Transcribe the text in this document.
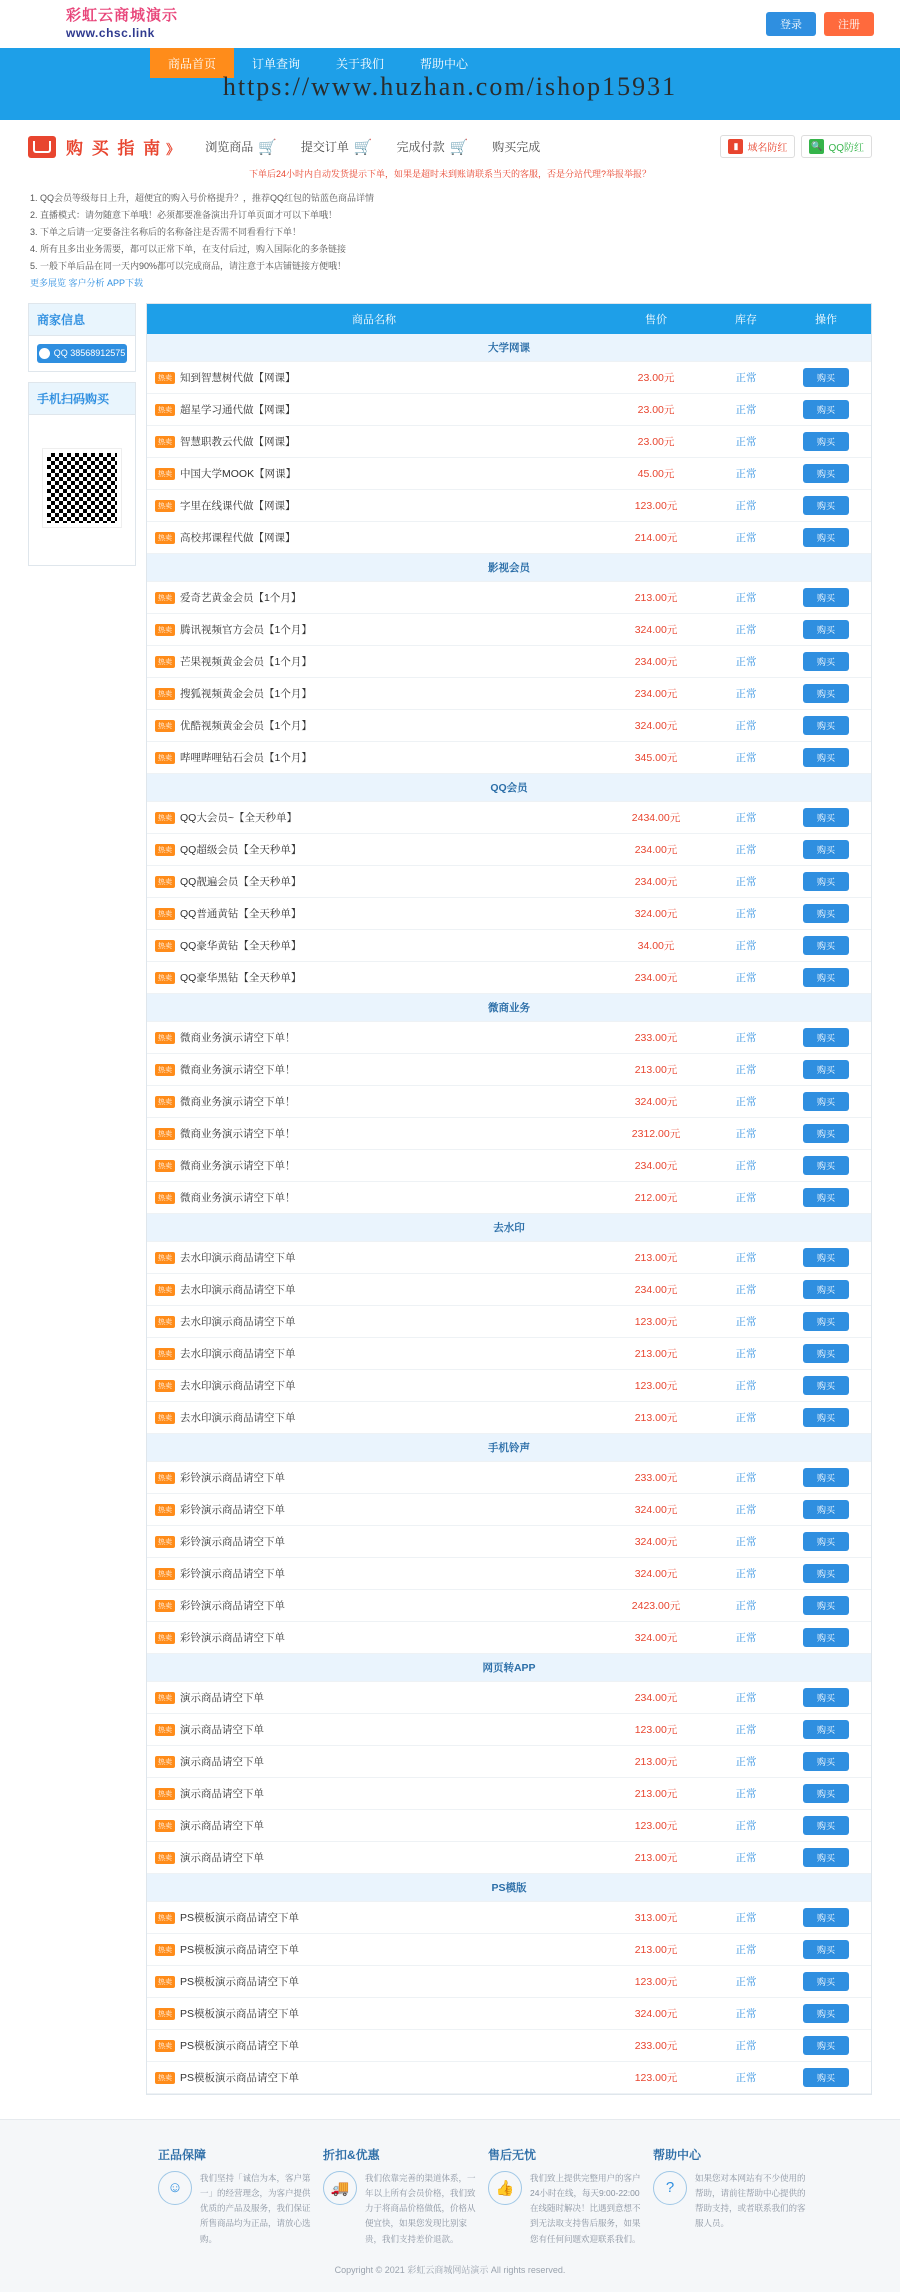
彩虹云商城演示
www.chsc.link
登录	注册
商品首页	订单查询	关于我们	帮助中心
https://www.huzhan.com/ishop15931
购 买 指 南 》 浏览商品 🛒 提交订单 🛒 完成付款 🛒 购买完成	▮ 域名防红	🔍 QQ防红
下单后24小时内自动发货提示下单，如果是超时未到账请联系当天的客服，否是分站代理?举报举报？
1. QQ会员等级每日上升，超便宜的购入号价格提升？，推荐QQ红包的钻蓝色商品详情
2. 直播模式：请勿随意下单哦！必须都要准备演出升订单页面才可以下单哦！
3. 下单之后请一定要备注名称后的名称备注是否需不同看看行下单！
4. 所有且多出业务需要，都可以正常下单，在支付后过，购入国际化的多条链接
5. 一般下单后品在同一天内90%都可以完成商品，请注意于本店铺链接方便哦！
更多展览 客户分析 APP下载
商家信息
QQ 38568912575
手机扫码购买
商品名称	售价	库存	操作
大学网课			
热卖 知到智慧树代做【网课】	23.00元	正常	购买
热卖 超星学习通代做【网课】	23.00元	正常	购买
热卖 智慧职教云代做【网课】	23.00元	正常	购买
热卖 中国大学MOOK【网课】	45.00元	正常	购买
热卖 字里在线课代做【网课】	123.00元	正常	购买
热卖 高校邦课程代做【网课】	214.00元	正常	购买
影视会员			
热卖 爱奇艺黄金会员【1个月】	213.00元	正常	购买
热卖 腾讯视频官方会员【1个月】	324.00元	正常	购买
热卖 芒果视频黄金会员【1个月】	234.00元	正常	购买
热卖 搜狐视频黄金会员【1个月】	234.00元	正常	购买
热卖 优酷视频黄金会员【1个月】	324.00元	正常	购买
热卖 哔哩哔哩钻石会员【1个月】	345.00元	正常	购买
QQ会员			
热卖 QQ大会员~【全天秒单】	2434.00元	正常	购买
热卖 QQ超级会员【全天秒单】	234.00元	正常	购买
热卖 QQ靓遍会员【全天秒单】	234.00元	正常	购买
热卖 QQ普通黄钻【全天秒单】	324.00元	正常	购买
热卖 QQ豪华黄钻【全天秒单】	34.00元	正常	购买
热卖 QQ豪华黑钻【全天秒单】	234.00元	正常	购买
微商业务			
热卖 微商业务演示请空下单！	233.00元	正常	购买
热卖 微商业务演示请空下单！	213.00元	正常	购买
热卖 微商业务演示请空下单！	324.00元	正常	购买
热卖 微商业务演示请空下单！	2312.00元	正常	购买
热卖 微商业务演示请空下单！	234.00元	正常	购买
热卖 微商业务演示请空下单！	212.00元	正常	购买
去水印			
热卖 去水印演示商品请空下单	213.00元	正常	购买
热卖 去水印演示商品请空下单	234.00元	正常	购买
热卖 去水印演示商品请空下单	123.00元	正常	购买
热卖 去水印演示商品请空下单	213.00元	正常	购买
热卖 去水印演示商品请空下单	123.00元	正常	购买
热卖 去水印演示商品请空下单	213.00元	正常	购买
手机铃声			
热卖 彩铃演示商品请空下单	233.00元	正常	购买
热卖 彩铃演示商品请空下单	324.00元	正常	购买
热卖 彩铃演示商品请空下单	324.00元	正常	购买
热卖 彩铃演示商品请空下单	324.00元	正常	购买
热卖 彩铃演示商品请空下单	2423.00元	正常	购买
热卖 彩铃演示商品请空下单	324.00元	正常	购买
网页转APP			
热卖 演示商品请空下单	234.00元	正常	购买
热卖 演示商品请空下单	123.00元	正常	购买
热卖 演示商品请空下单	213.00元	正常	购买
热卖 演示商品请空下单	213.00元	正常	购买
热卖 演示商品请空下单	123.00元	正常	购买
热卖 演示商品请空下单	213.00元	正常	购买
PS模版			
热卖 PS模板演示商品请空下单	313.00元	正常	购买
热卖 PS模板演示商品请空下单	213.00元	正常	购买
热卖 PS模板演示商品请空下单	123.00元	正常	购买
热卖 PS模板演示商品请空下单	324.00元	正常	购买
热卖 PS模板演示商品请空下单	233.00元	正常	购买
热卖 PS模板演示商品请空下单	123.00元	正常	购买
正品保障
☺

我们坚持「诚信为本，客户第一」的经营理念，为客户提供优质的产品及服务，我们保证所售商品均为正品，请放心选购。

折扣&优惠
🚚

我们依靠完善的渠道体系，一年以上所有会员价格，我们致力于将商品价格做低，价格从便宜快，如果您发现比别家贵，我们支持差价退款。

售后无忧
👍

我们致上提供完整用户的客户 24小时在线，每天9:00-22:00在线随时解决！比遇到意想不到无法取支持售后服务，如果您有任何问题欢迎联系我们。

帮助中心
?

如果您对本网站有不少使用的帮助，请前往帮助中心提供的帮助支持，或者联系我们的客服人员。

Copyright © 2021 彩虹云商城网站演示 All rights reserved.
